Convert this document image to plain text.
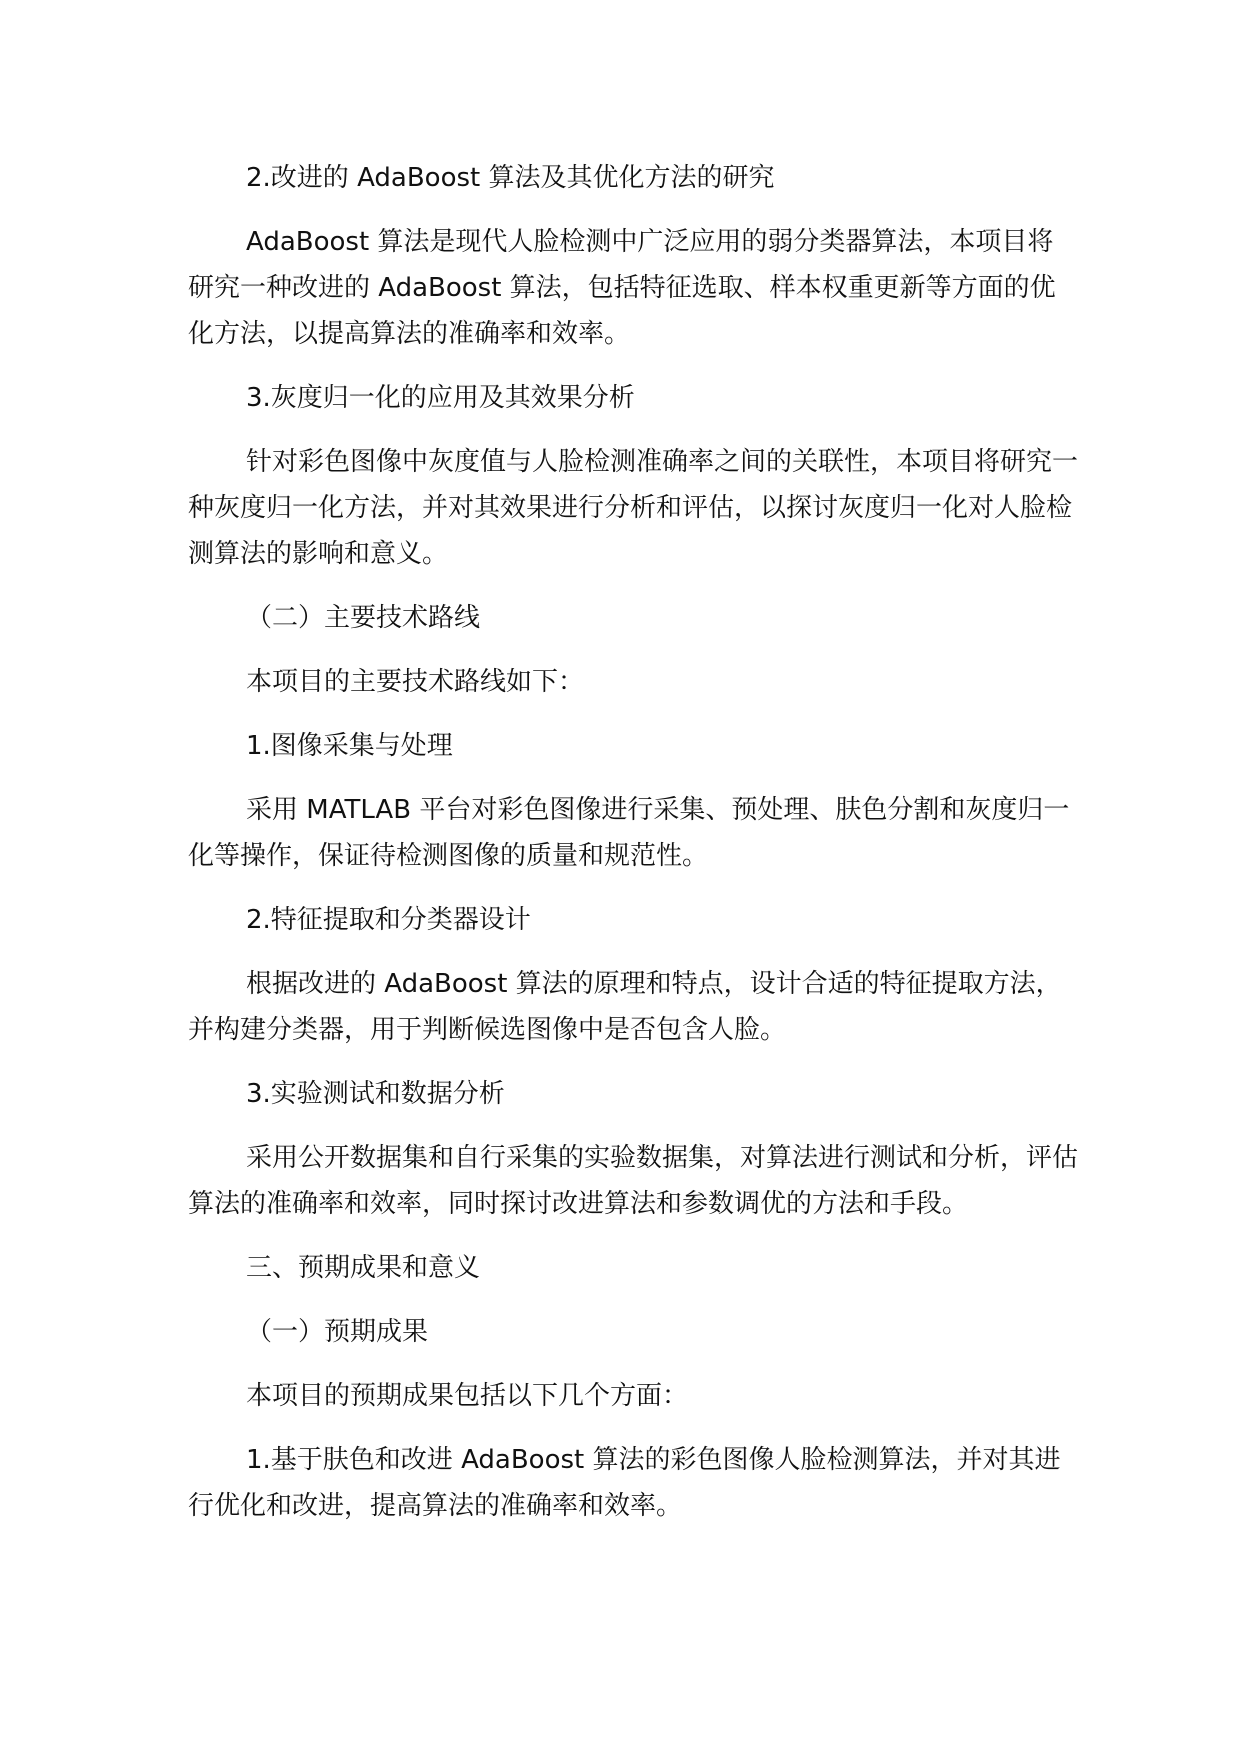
2.改进的 AdaBoost 算法及其优化方法的研究

AdaBoost 算法是现代人脸检测中广泛应用的弱分类器算法，本项目将研究一种改进的 AdaBoost 算法，包括特征选取、样本权重更新等方面的优化方法，以提高算法的准确率和效率。

3.灰度归一化的应用及其效果分析

针对彩色图像中灰度值与人脸检测准确率之间的关联性，本项目将研究一种灰度归一化方法，并对其效果进行分析和评估，以探讨灰度归一化对人脸检测算法的影响和意义。

（二）主要技术路线

本项目的主要技术路线如下：

1.图像采集与处理

采用 MATLAB 平台对彩色图像进行采集、预处理、肤色分割和灰度归一化等操作，保证待检测图像的质量和规范性。

2.特征提取和分类器设计

根据改进的 AdaBoost 算法的原理和特点，设计合适的特征提取方法，并构建分类器，用于判断候选图像中是否包含人脸。

3.实验测试和数据分析

采用公开数据集和自行采集的实验数据集，对算法进行测试和分析，评估算法的准确率和效率，同时探讨改进算法和参数调优的方法和手段。

三、预期成果和意义

（一）预期成果

本项目的预期成果包括以下几个方面：

1.基于肤色和改进 AdaBoost 算法的彩色图像人脸检测算法，并对其进行优化和改进，提高算法的准确率和效率。
